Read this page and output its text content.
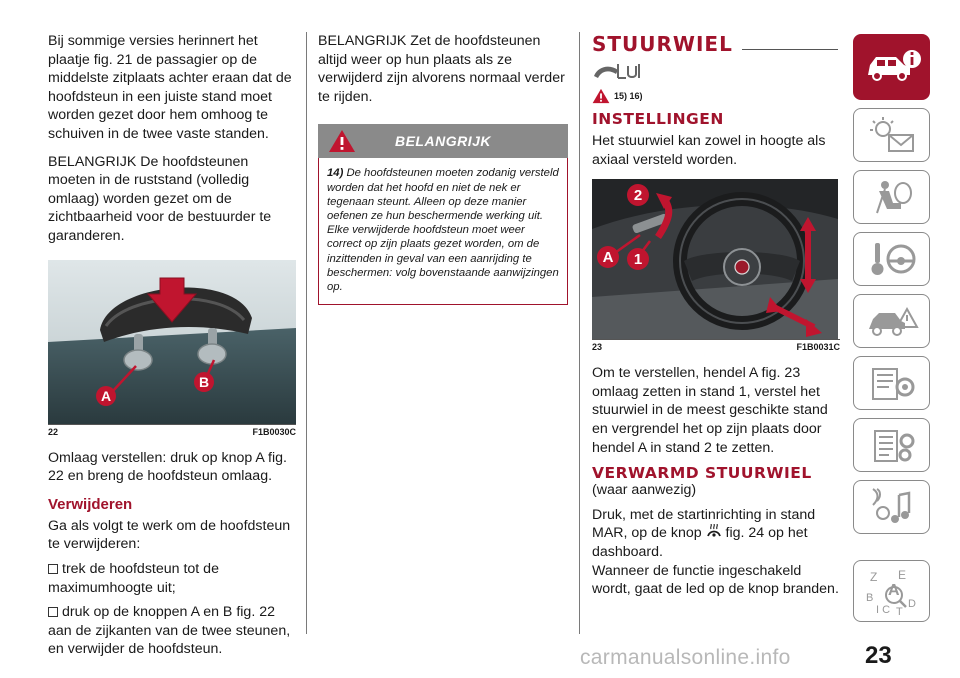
Bij sommige versies herinnert het plaatje fig. 21 de passagier op de middelste zitplaats achter eraan dat de hoofdsteun in een juiste stand moet worden gezet door hem omhoog te schuiven in de twee vaste standen.

BELANGRIJK De hoofdsteunen moeten in de ruststand (volledig omlaag) worden gezet om de zichtbaarheid voor de bestuurder te garanderen.

A
B
22	F1B0030C

Omlaag verstellen: druk op knop A fig. 22 en breng de hoofdsteun omlaag.

Verwijderen

Ga als volgt te werk om de hoofdsteun te verwijderen:

trek de hoofdsteun tot de maximumhoogte uit;

druk op de knoppen A en B fig. 22 aan de zijkanten van de twee steunen, en verwijder de hoofdsteun.

BELANGRIJK Zet de hoofdsteunen altijd weer op hun plaats als ze verwijderd zijn alvorens normaal verder te rijden.

BELANGRIJK
14) De hoofdsteunen moeten zodanig versteld worden dat het hoofd en niet de nek er tegenaan steunt. Alleen op deze manier oefenen ze hun beschermende werking uit. Elke verwijderde hoofdsteun moet weer correct op zijn plaats gezet worden, om de inzittenden in geval van een aanrijding te beschermen: volg bovenstaande aanwijzingen op.
STUURWIEL
15) 16)
INSTELLINGEN

Het stuurwiel kan zowel in hoogte als axiaal versteld worden.

2
A 1
23	F1B0031C

Om te verstellen, hendel A fig. 23 omlaag zetten in stand 1, verstel het stuurwiel in de meest geschikte stand en vergrendel het op zijn plaats door hendel A in stand 2 te zetten.

VERWARMD STUURWIEL

(waar aanwezig)

Druk, met de startinrichting in stand MAR, op de knop fig. 24 op het dashboard.

Wanneer de functie ingeschakeld wordt, gaat de led op de knop branden.

Z E
B A
D
I C T
carmanualsonline.info	23
